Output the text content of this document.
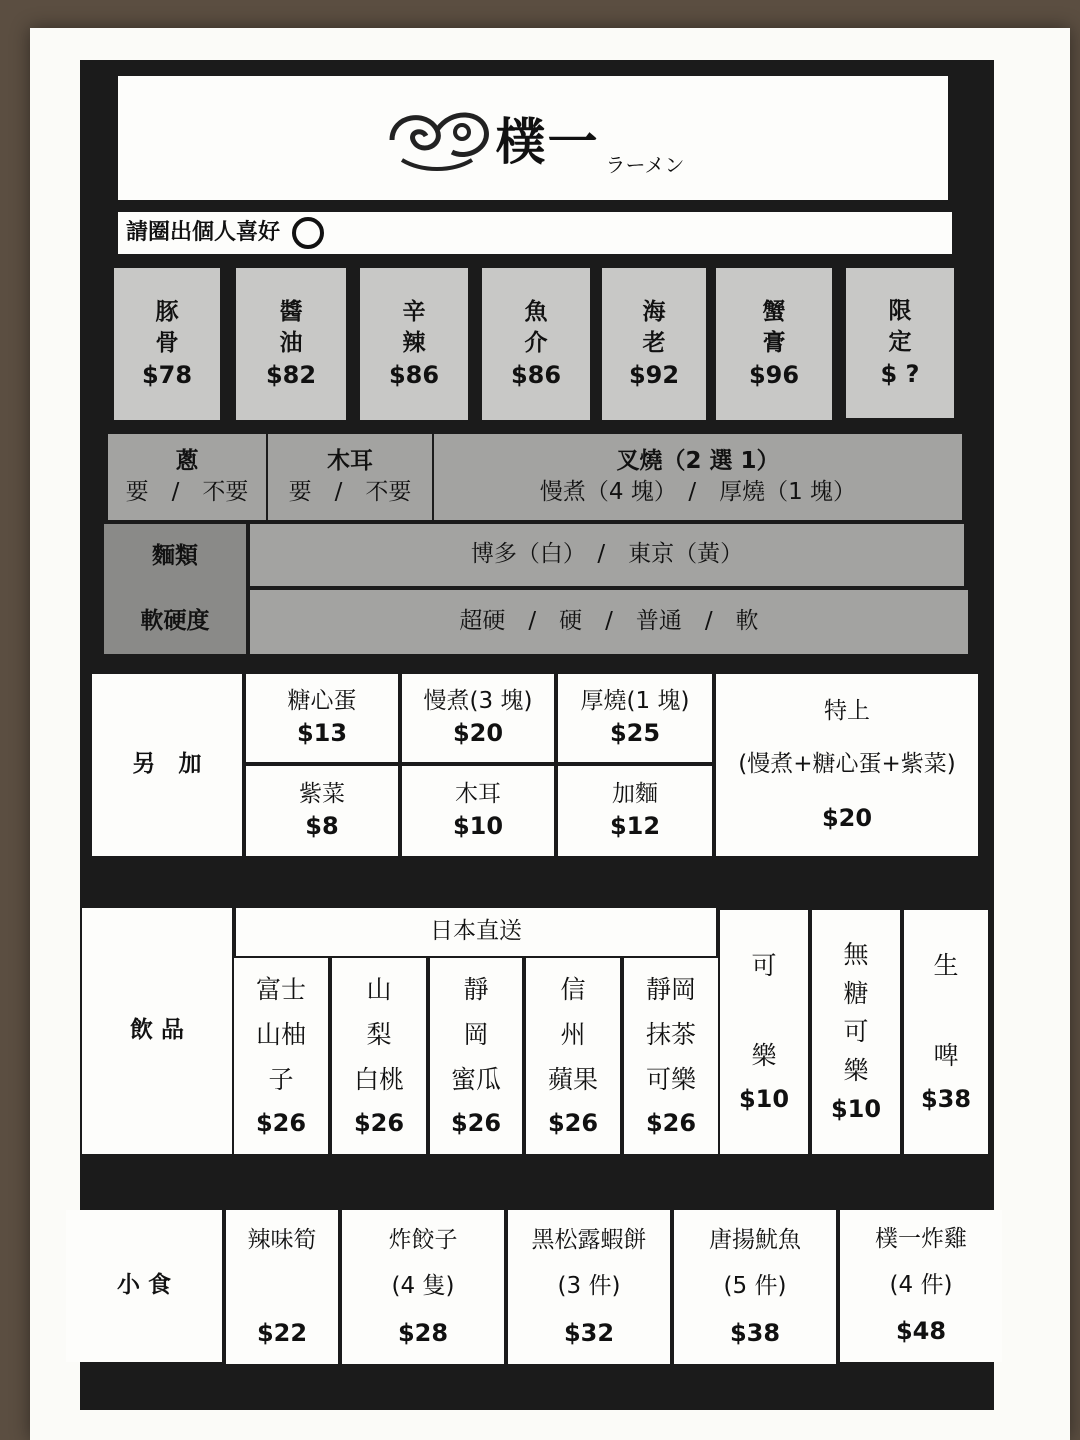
樸一 ラーメン
請圈出個人喜好
豚
骨
$78
醬
油
$82
辛
辣
$86
魚
介
$86
海
老
$92
蟹
膏
$96
限
定
$ ?
蔥
要　/　不要
木耳
要　/　不要
叉燒（2 選 1）
慢煮（4 塊）　/　厚燒（1 塊）
麵類
軟硬度
博多（白）　/　東京（黃）
超硬　/　硬　/　普通　/　軟
另　加
糖心蛋
$13
慢煮(3 塊)
$20
厚燒(1 塊)
$25
紫菜
$8
木耳
$10
加麵
$12
特上
(慢煮+糖心蛋+紫菜)
$20
飲 品
日本直送
富士
山柚
子
$26
山
梨
白桃
$26
靜
岡
蜜瓜
$26
信
州
蘋果
$26
靜岡
抹茶
可樂
$26
可

樂
$10
無
糖
可
樂
$10
生

啤
$38
小 食
辣味筍

$22
炸餃子
(4 隻)
$28
黑松露蝦餅
(3 件)
$32
唐揚魷魚
(5 件)
$38
樸一炸雞
(4 件)
$48
